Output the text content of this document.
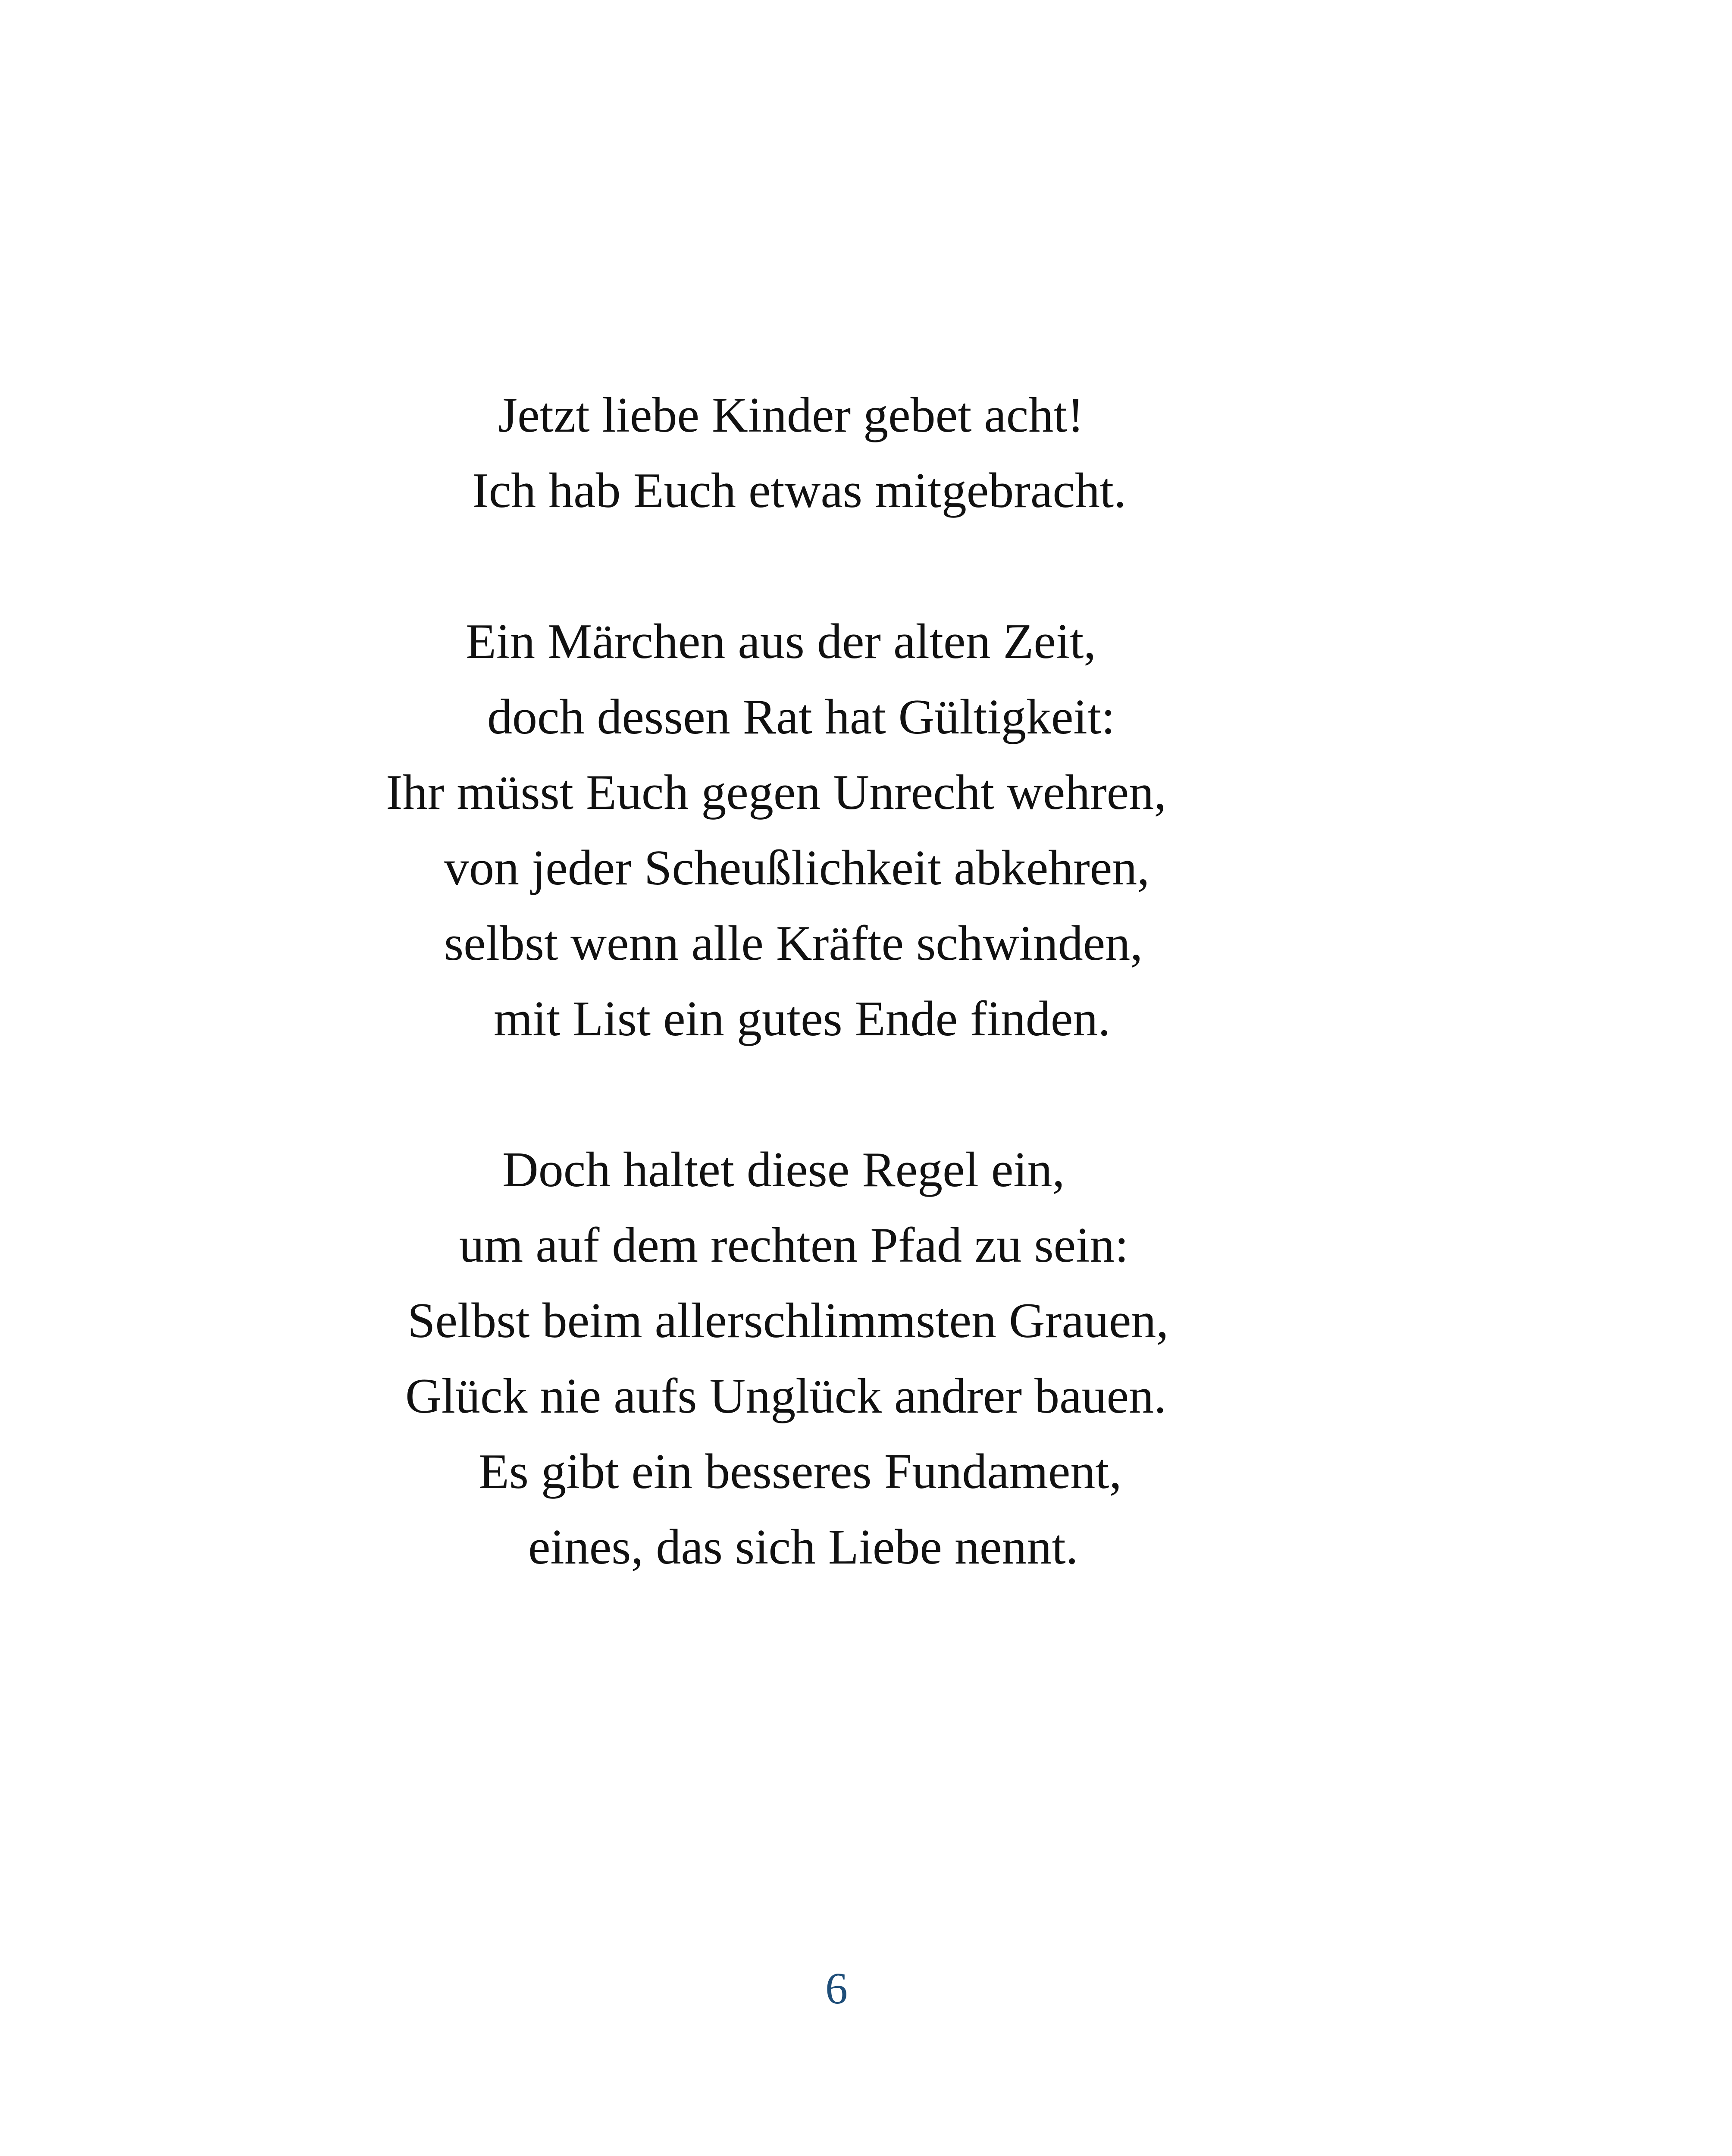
Jetzt liebe Kinder gebet acht!
Ich hab Euch etwas mitgebracht.
Ein Märchen aus der alten Zeit,
doch dessen Rat hat Gültigkeit:
Ihr müsst Euch gegen Unrecht wehren,
von jeder Scheußlichkeit abkehren,
selbst wenn alle Kräfte schwinden,
mit List ein gutes Ende finden.
Doch haltet diese Regel ein,
um auf dem rechten Pfad zu sein:
Selbst beim allerschlimmsten Grauen,
Glück nie aufs Unglück andrer bauen.
Es gibt ein besseres Fundament,
eines, das sich Liebe nennt.
6
